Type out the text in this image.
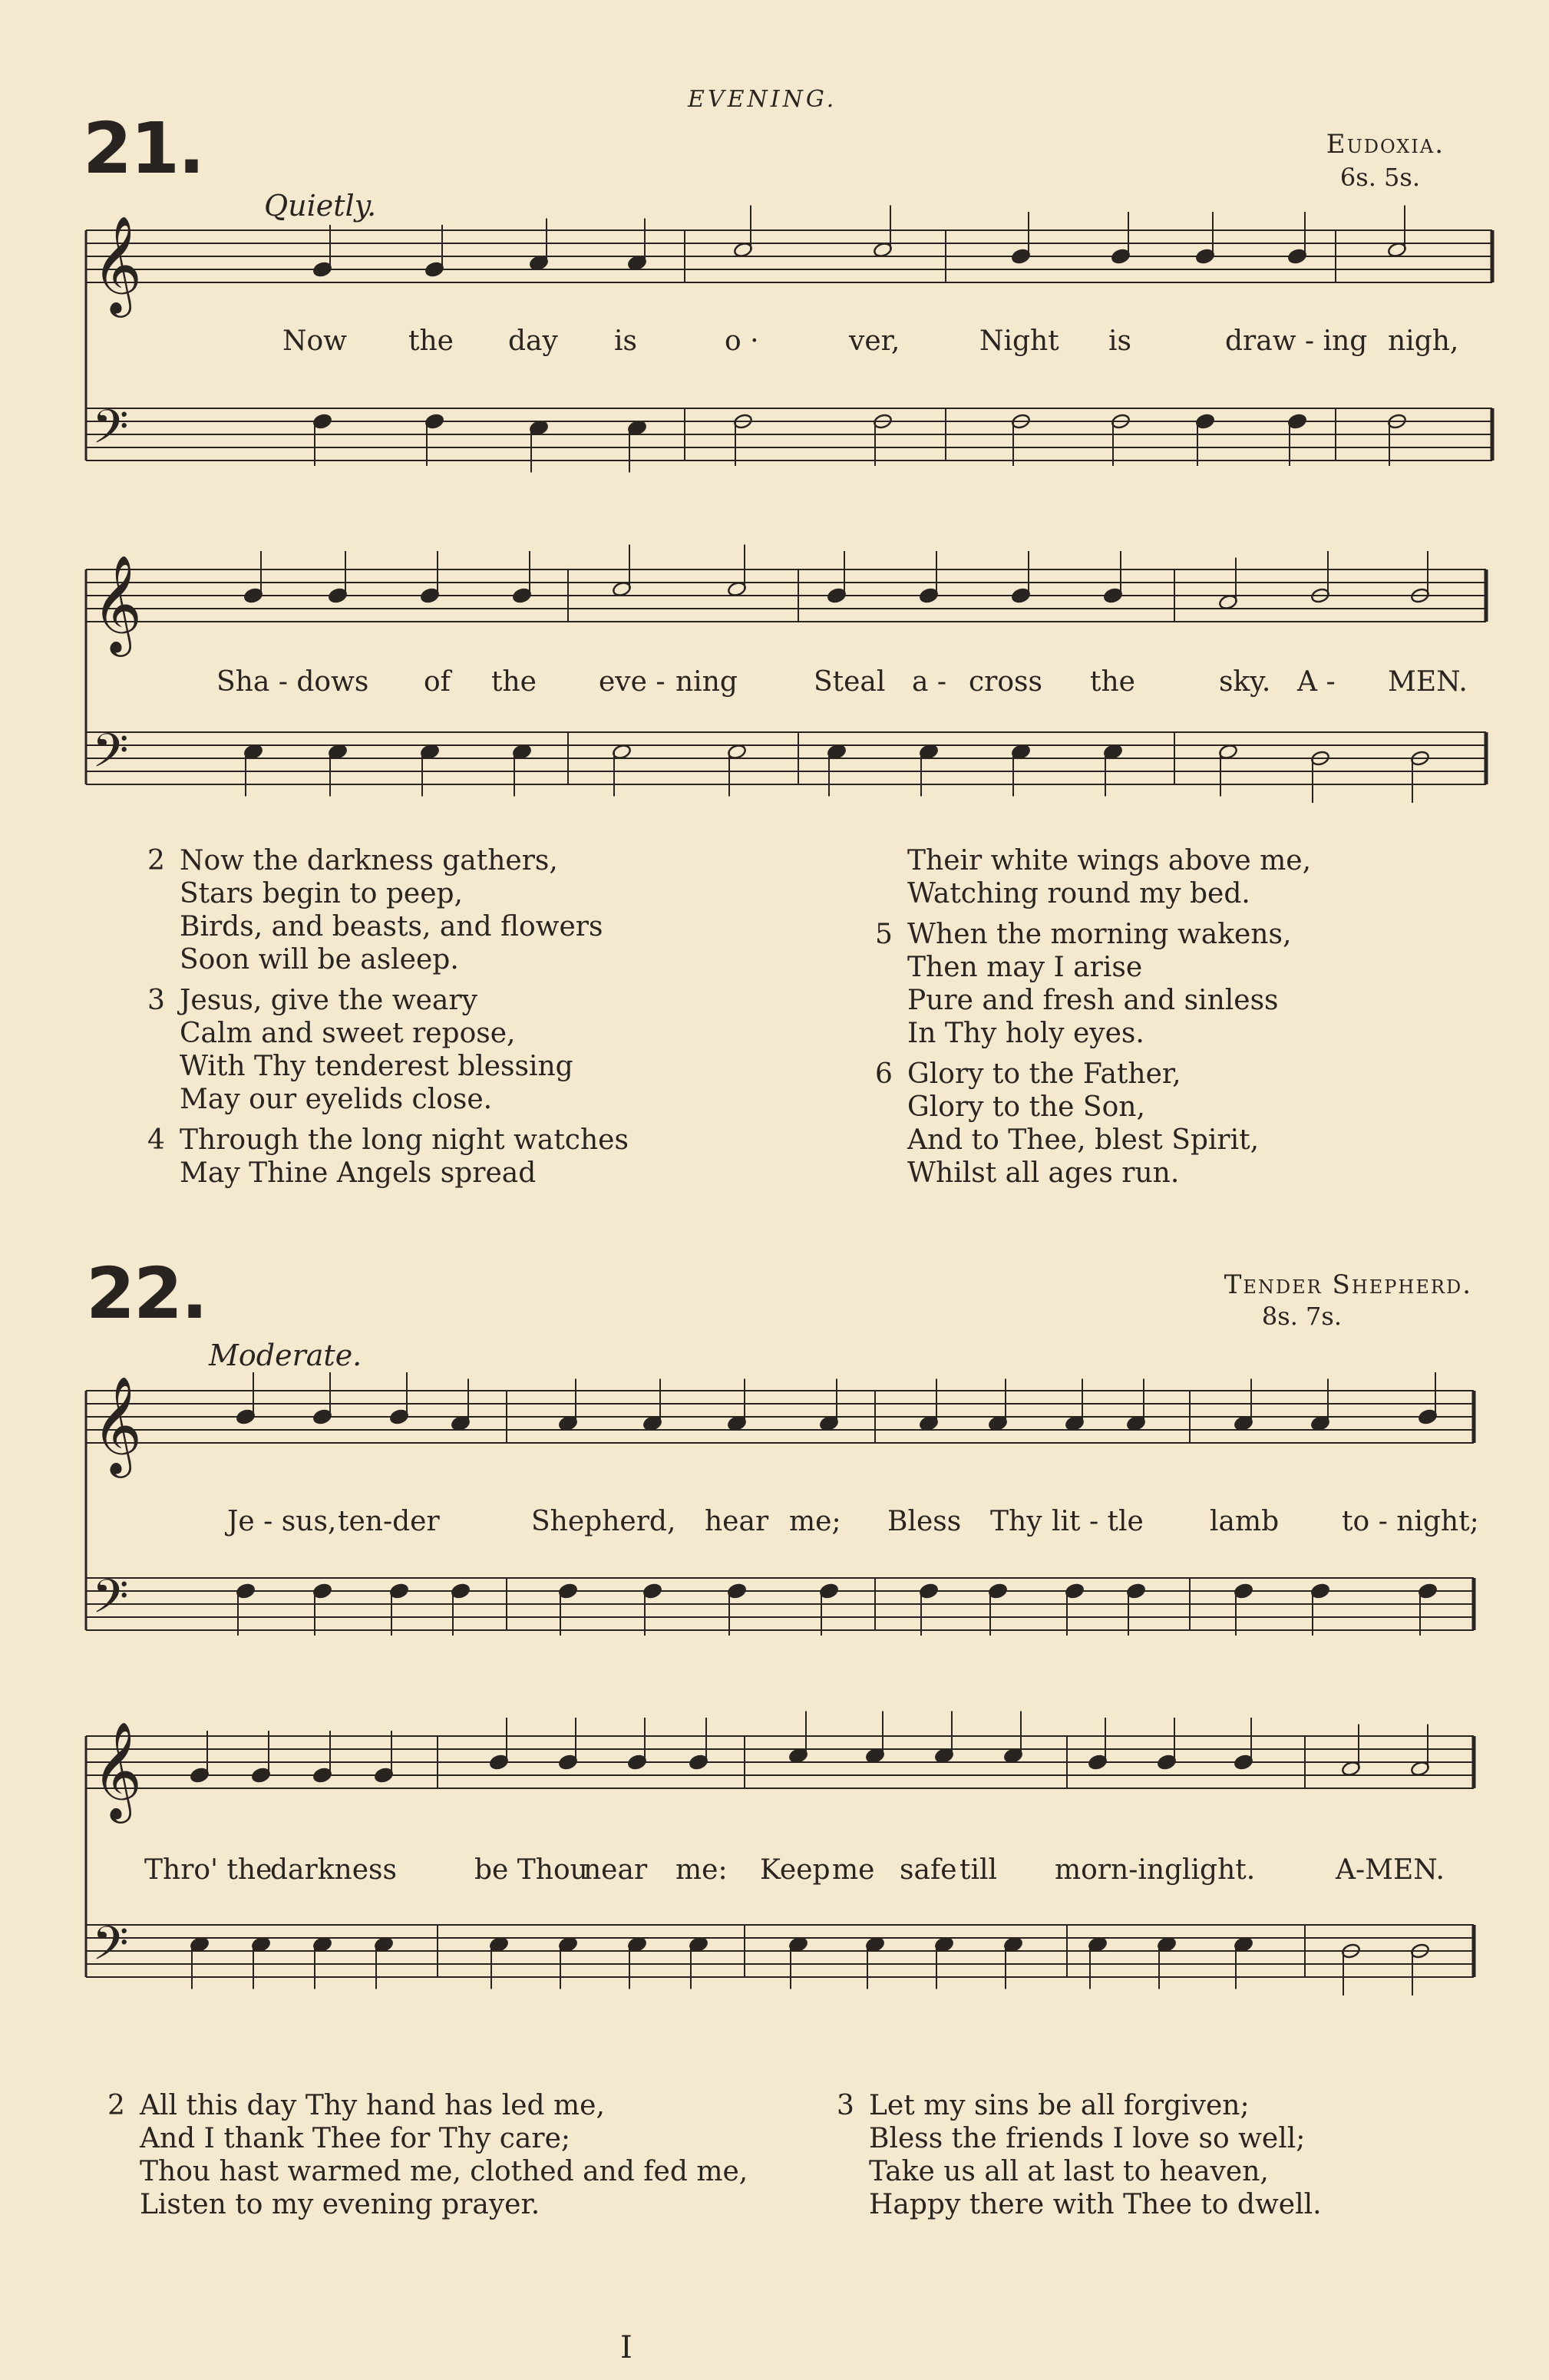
𝄞
𝄢
𝄞
𝄢
𝄞
𝄢
𝄞
𝄢
EVENING.
21.	Eudoxia.
6s. 5s.
Quietly.
Now the day is	o ·	ver,	Night is	draw - ing nigh,
Sha - dows of the eve - ning	Steal a - cross the	sky. A - MEN.
2 Now the darkness gathers,
Stars begin to peep,
Birds, and beasts, and flowers
Soon will be asleep.
3 Jesus, give the weary
Calm and sweet repose,
With Thy tenderest blessing
May our eyelids close.
4 Through the long night watches
May Thine Angels spread
Their white wings above me,
Watching round my bed.
5 When the morning wakens,
Then may I arise
Pure and fresh and sinless
In Thy holy eyes.
6 Glory to the Father,
Glory to the Son,
And to Thee, blest Spirit,
Whilst all ages run.
22.	Tender Shepherd.
8s. 7s.
Moderate.
Je - sus, ten-der	Shepherd, hear me; Bless Thy lit - tle lamb to - night;
Thro' the
darkness	be Thou
near me: Keep me safe till morn-ing light.	A-MEN.
2 All this day Thy hand has led me,
And I thank Thee for Thy care;
Thou hast warmed me, clothed and fed me,
Listen to my evening prayer.
3 Let my sins be all forgiven;
Bless the friends I love so well;
Take us all at last to heaven,
Happy there with Thee to dwell.
I
